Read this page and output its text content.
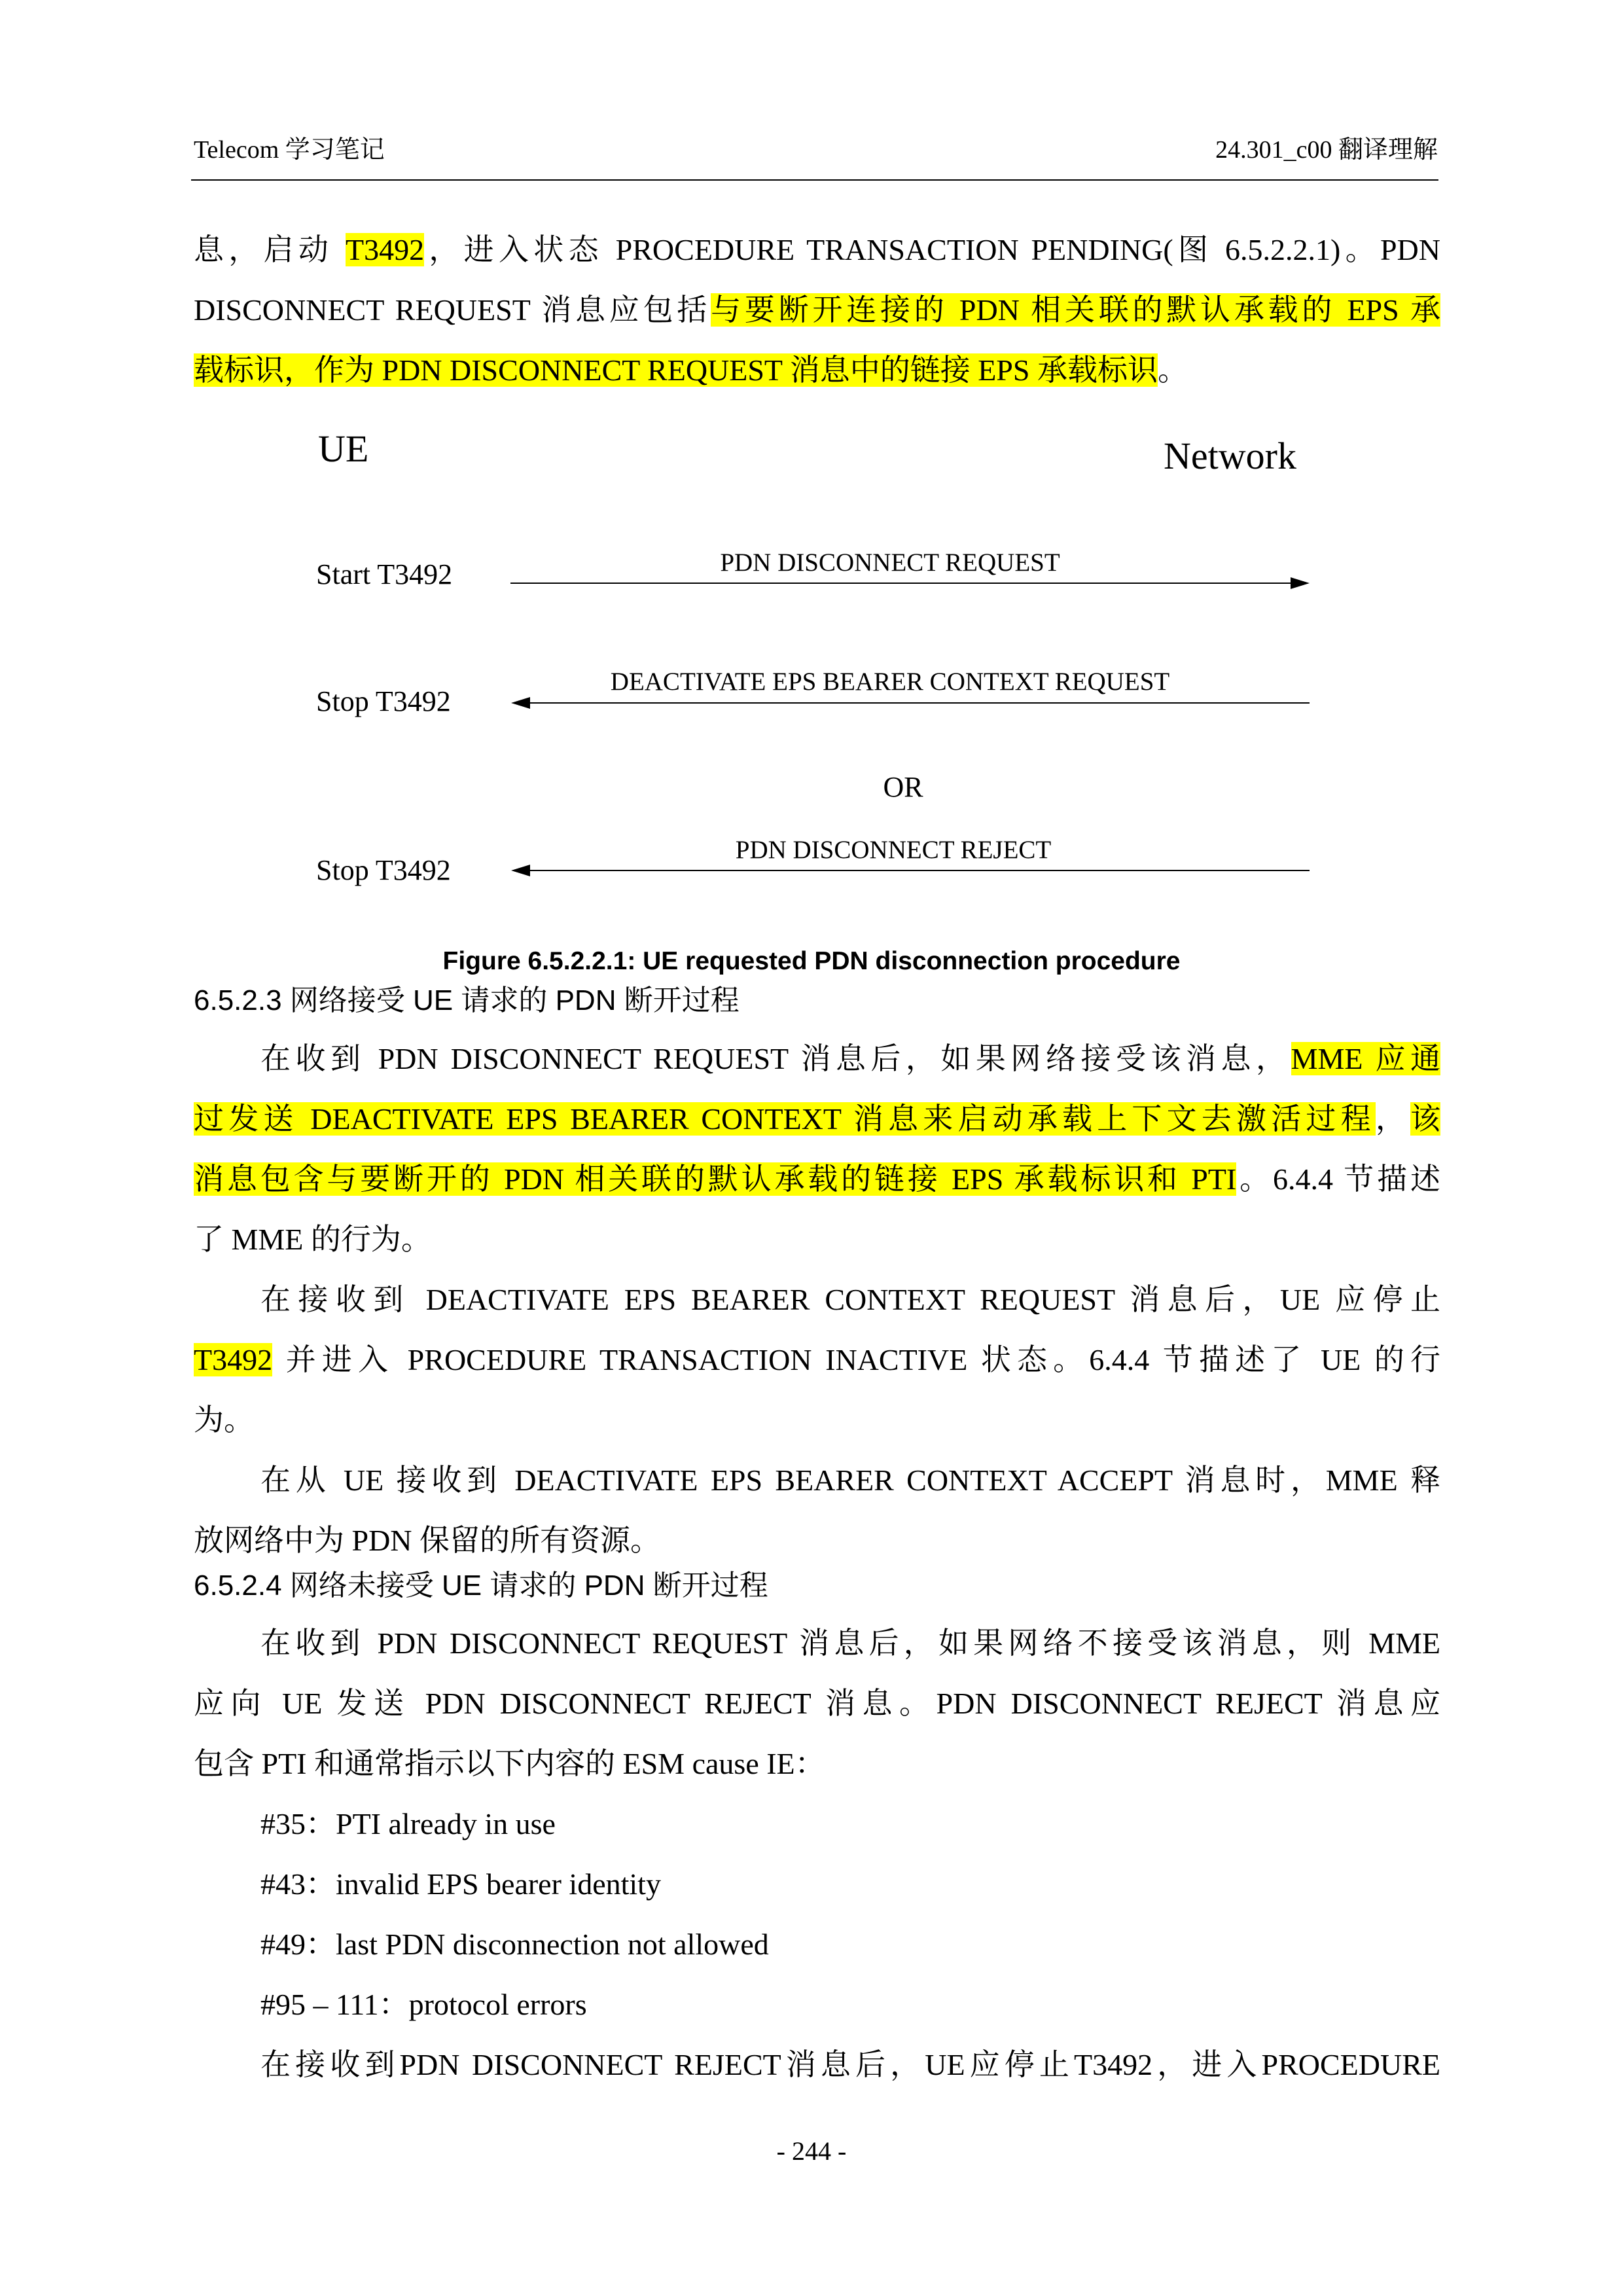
Telecom 学习笔记	24.301_c00 翻译理解
息，启动 T3492，进入状态 PROCEDURE TRANSACTION PENDING(图 6.5.2.2.1)。PDN
DISCONNECT REQUEST 消息应包括与要断开连接的 PDN 相关联的默认承载的 EPS 承
载标识，作为 PDN DISCONNECT REQUEST 消息中的链接 EPS 承载标识。
UE	Network
Start T3492
Stop T3492
Stop T3492
PDN DISCONNECT REQUEST
DEACTIVATE EPS BEARER CONTEXT REQUEST
OR
PDN DISCONNECT REJECT
Figure 6.5.2.2.1: UE requested PDN disconnection procedure
6.5.2.3 网络接受 UE 请求的 PDN 断开过程
在收到 PDN DISCONNECT REQUEST 消息后，如果网络接受该消息，MME 应通
过发送 DEACTIVATE EPS BEARER CONTEXT 消息来启动承载上下文去激活过程，该
消息包含与要断开的 PDN 相关联的默认承载的链接 EPS 承载标识和 PTI。6.4.4 节描述
了 MME 的行为。
在接收到 DEACTIVATE EPS BEARER CONTEXT REQUEST 消息后，UE 应停止
T3492 并进入 PROCEDURE TRANSACTION INACTIVE 状态。6.4.4 节描述了 UE 的行
为。
在从 UE 接收到 DEACTIVATE EPS BEARER CONTEXT ACCEPT 消息时，MME 释
放网络中为 PDN 保留的所有资源。
6.5.2.4 网络未接受 UE 请求的 PDN 断开过程
在收到 PDN DISCONNECT REQUEST 消息后，如果网络不接受该消息，则 MME
应向 UE 发送 PDN DISCONNECT REJECT 消息。PDN DISCONNECT REJECT 消息应
包含 PTI 和通常指示以下内容的 ESM cause IE：
#35：PTI already in use
#43：invalid EPS bearer identity
#49：last PDN disconnection not allowed
#95 – 111：protocol errors
在接收到PDN DISCONNECT REJECT消息后，UE应停止T3492，进入PROCEDURE
- 244 -
